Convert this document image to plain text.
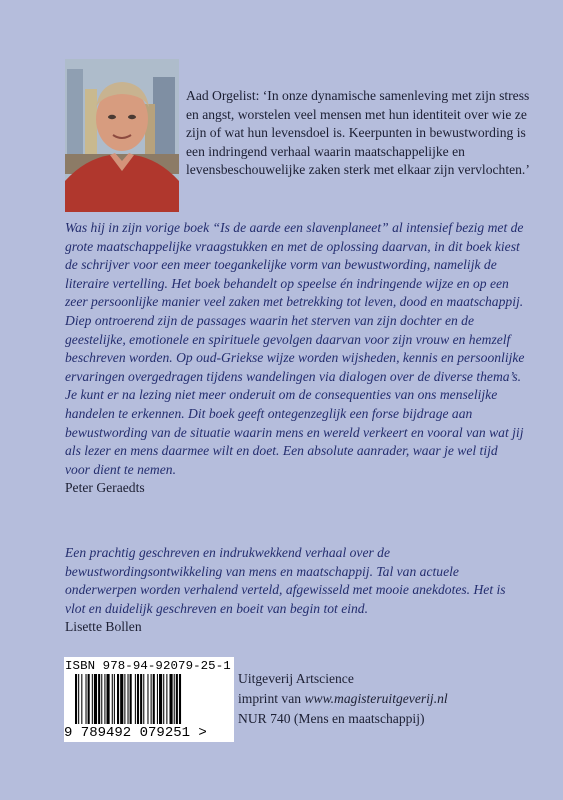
Aad Orgelist: ‘In onze dynamische samenleving met zijn stress en angst, worstelen veel mensen met hun identiteit over wie ze zijn of wat hun levensdoel is. Keerpunten in bewustwording is een indringend verhaal waarin maatschappelijke en levensbeschouwelijke zaken sterk met elkaar zijn vervlochten.’

Was hij in zijn vorige boek “Is de aarde een slavenplaneet” al intensief bezig met de grote maatschappelijke vraagstukken en met de oplossing daarvan, in dit boek kiest de schrijver voor een meer toegankelijke vorm van bewustwording, namelijk de literaire vertelling. Het boek behandelt op speelse én indringende wijze en op een zeer persoonlijke manier veel zaken met betrekking tot leven, dood en maatschappij. Diep ontroerend zijn de passages waarin het sterven van zijn dochter en de geestelijke, emotionele en spirituele gevolgen daarvan voor zijn vrouw en hemzelf beschreven worden. Op oud-Griekse wijze worden wijsheden, kennis en persoonlijke ervaringen overgedragen tijdens wandelingen via dialogen over de diverse thema’s. Je kunt er na lezing niet meer onderuit om de consequenties van ons menselijke handelen te erkennen. Dit boek geeft ontegenzeglijk een forse bijdrage aan bewustwording van de situatie waarin mens en wereld verkeert en vooral van wat jij als lezer en mens daarmee wilt en doet. Een absolute aanrader, waar je wel tijd voor dient te nemen.

Peter Geraedts

Een prachtig geschreven en indrukwekkend verhaal over de bewustwordingsontwikkeling van mens en maatschappij. Tal van actuele onderwerpen worden verhalend verteld, afgewisseld met mooie anekdotes. Het is vlot en duidelijk geschreven en boeit van begin tot eind.

Lisette Bollen

ISBN 978-94-92079-25-1
9 789492 079251 >
Uitgeverij Artscience
imprint van www.magisteruitgeverij.nl
NUR 740 (Mens en maatschappij)
